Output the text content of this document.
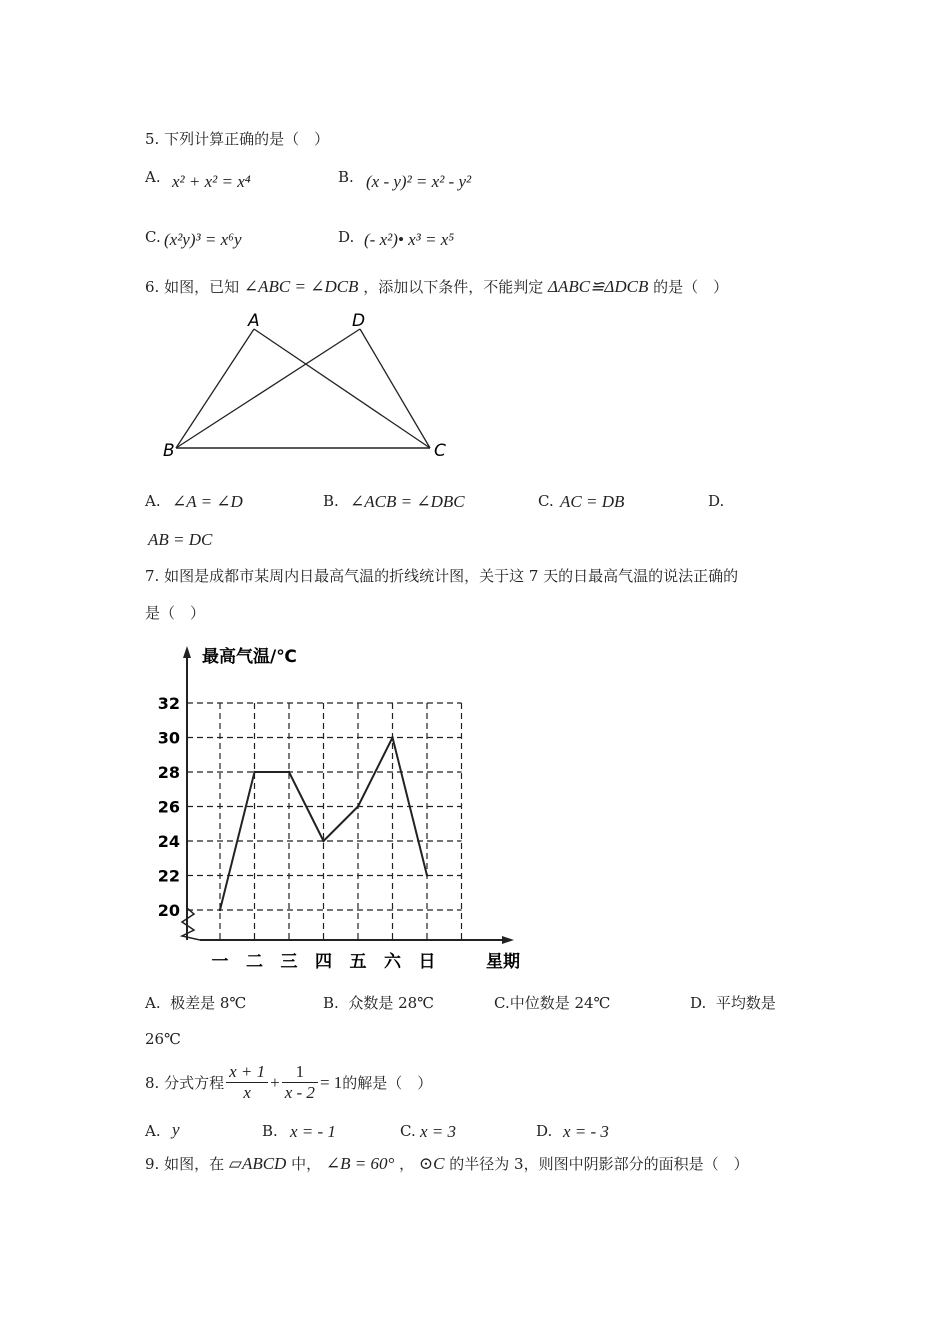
5. 下列计算正确的是（　）
A. x² + x² = x⁴	B. (x - y)² = x² - y²
C. (x²y)³ = x⁶y	D. (- x²)• x³ = x⁵
6. 如图，已知 ∠ABC = ∠DCB ，添加以下条件，不能判定 ΔABC≌ΔDCB 的是（　）
A	D
B	C
A. ∠A = ∠D	B. ∠ACB = ∠DBC	C. AC = DB	D.
AB = DC
7. 如图是成都市某周内日最高气温的折线统计图，关于这 7 天的日最高气温的说法正确的
是（　）
最高气温/℃
星期
20
22
24
26
28
30
32
一 二 三 四 五 六 日
A. 极差是 8℃	B. 众数是 28℃	C.中位数是 24℃	D. 平均数是
26℃
8. 分式方程 $\frac{x + 1}{x} + \frac{1}{x - 2} = 1$ 的解是（　）
A. y	B. x = - 1	C. x = 3	D. x = - 3
9. 如图，在 ▱ABCD 中， ∠B = 60° ， ⊙C 的半径为 3，则图中阴影部分的面积是（　）
